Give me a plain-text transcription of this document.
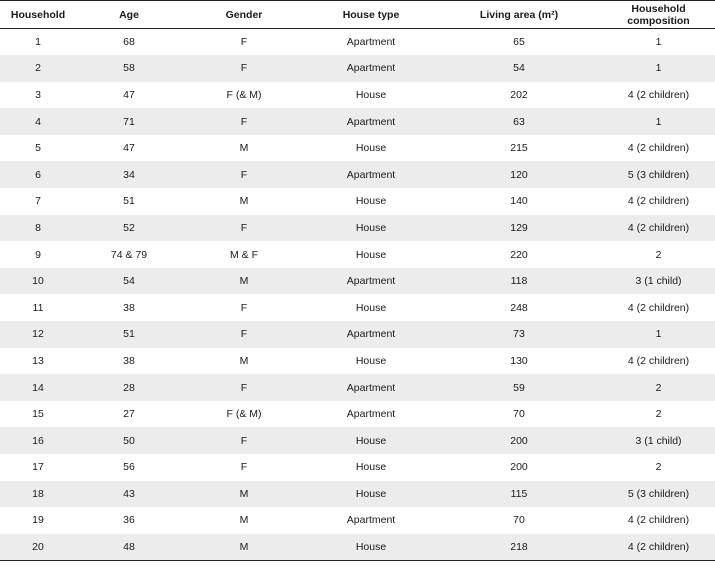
Household	Age	Gender	House type	Living area (m²)	Household composition
1	68	F	Apartment	65	1
2	58	F	Apartment	54	1
3	47	F (& M)	House	202	4 (2 children)
4	71	F	Apartment	63	1
5	47	M	House	215	4 (2 children)
6	34	F	Apartment	120	5 (3 children)
7	51	M	House	140	4 (2 children)
8	52	F	House	129	4 (2 children)
9	74 & 79	M & F	House	220	2
10	54	M	Apartment	118	3 (1 child)
11	38	F	House	248	4 (2 children)
12	51	F	Apartment	73	1
13	38	M	House	130	4 (2 children)
14	28	F	Apartment	59	2
15	27	F (& M)	Apartment	70	2
16	50	F	House	200	3 (1 child)
17	56	F	House	200	2
18	43	M	House	115	5 (3 children)
19	36	M	Apartment	70	4 (2 children)
20	48	M	House	218	4 (2 children)
